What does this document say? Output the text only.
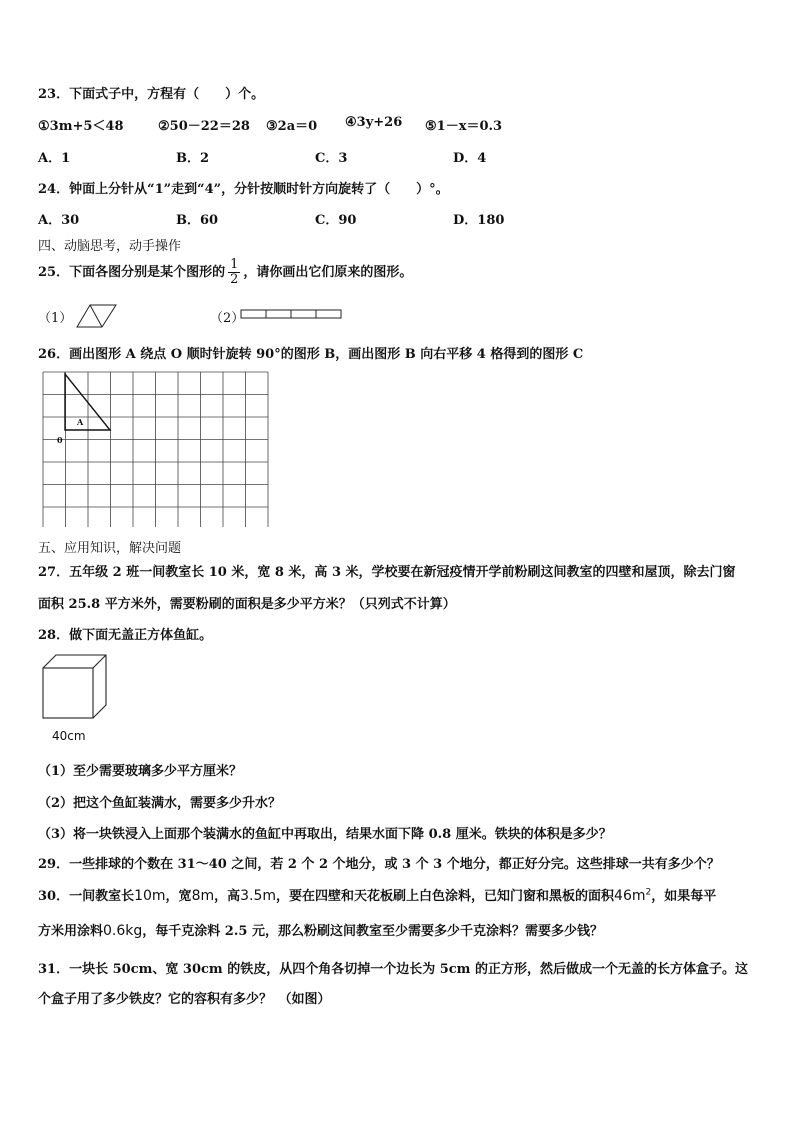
23．下面式子中，方程有（　　）个。
①3m+5＜48	②50－22＝28 ③2a＝0 ④3y+26 ⑤1－x＝0.3
A．1	B．2	C．3	D．4
24．钟面上分针从“1”走到“4”，分针按顺时针方向旋转了（　　）°。
A．30	B．60	C．90	D．180
四、动脑思考，动手操作
25．下面各图分别是某个图形的 $\frac{1}{2}$ ，请你画出它们原来的图形。
（1）	（2）
26．画出图形 A 绕点 O 顺时针旋转 90°的图形 B，画出图形 B 向右平移 4 格得到的图形 C
A
0
五、应用知识，解决问题
27．五年级 2 班一间教室长 10 米，宽 8 米，高 3 米，学校要在新冠疫情开学前粉刷这间教室的四壁和屋顶，除去门窗
面积 25.8 平方米外，需要粉刷的面积是多少平方米？（只列式不计算）
28．做下面无盖正方体鱼缸。
40cm
（1）至少需要玻璃多少平方厘米？
（2）把这个鱼缸装满水，需要多少升水？
（3）将一块铁浸入上面那个装满水的鱼缸中再取出，结果水面下降 0.8 厘米。铁块的体积是多少？
29．一些排球的个数在 31～40 之间，若 2 个 2 个地分，或 3 个 3 个地分，都正好分完。这些排球一共有多少个？
30．一间教室长10m，宽8m，高3.5m，要在四壁和天花板刷上白色涂料，已知门窗和黑板的面积$46m^2$，如果每平
方米用涂料0.6kg，每千克涂料 2.5 元，那么粉刷这间教室至少需要多少千克涂料？需要多少钱？
31．一块长 50cm、宽 30cm 的铁皮，从四个角各切掉一个边长为 5cm 的正方形，然后做成一个无盖的长方体盒子。这
个盒子用了多少铁皮？它的容积有多少？　（如图）
